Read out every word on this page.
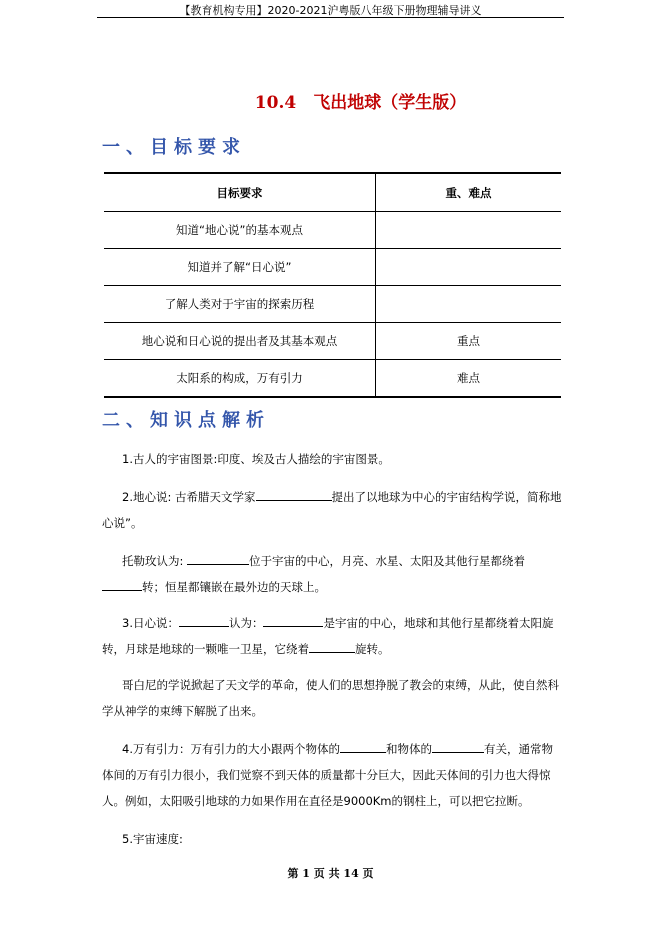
【教育机构专用】2020-2021沪粤版八年级下册物理辅导讲义
10.4　飞出地球（学生版）
一、目标要求
目标要求	重、难点
知道“地心说”的基本观点	
知道并了解“日心说”	
了解人类对于宇宙的探索历程	
地心说和日心说的提出者及其基本观点	重点
太阳系的构成，万有引力	难点
二、知识点解析
1.古人的宇宙图景:印度、埃及古人描绘的宇宙图景。
2.地心说: 古希腊天文学家	提出了以地球为中心的宇宙结构学说，简称地心说”。
托勒玫认为:	位于宇宙的中心，月亮、水星、太阳及其他行星都绕着转；恒星都镶嵌在最外边的天球上。
3.日心说：	认为：	是宇宙的中心，地球和其他行星都绕着太阳旋转，月球是地球的一颗唯一卫星，它绕着	旋转。
哥白尼的学说掀起了天文学的革命，使人们的思想挣脱了教会的束缚，从此，使自然科学从神学的束缚下解脱了出来。
4.万有引力：万有引力的大小跟两个物体的	和物体的	有关，通常物体间的万有引力很小，我们觉察不到天体的质量都十分巨大，因此天体间的引力也大得惊人。例如，太阳吸引地球的力如果作用在直径是9000Km的钢柱上，可以把它拉断。
5.宇宙速度:
第 1 页 共 14 页
